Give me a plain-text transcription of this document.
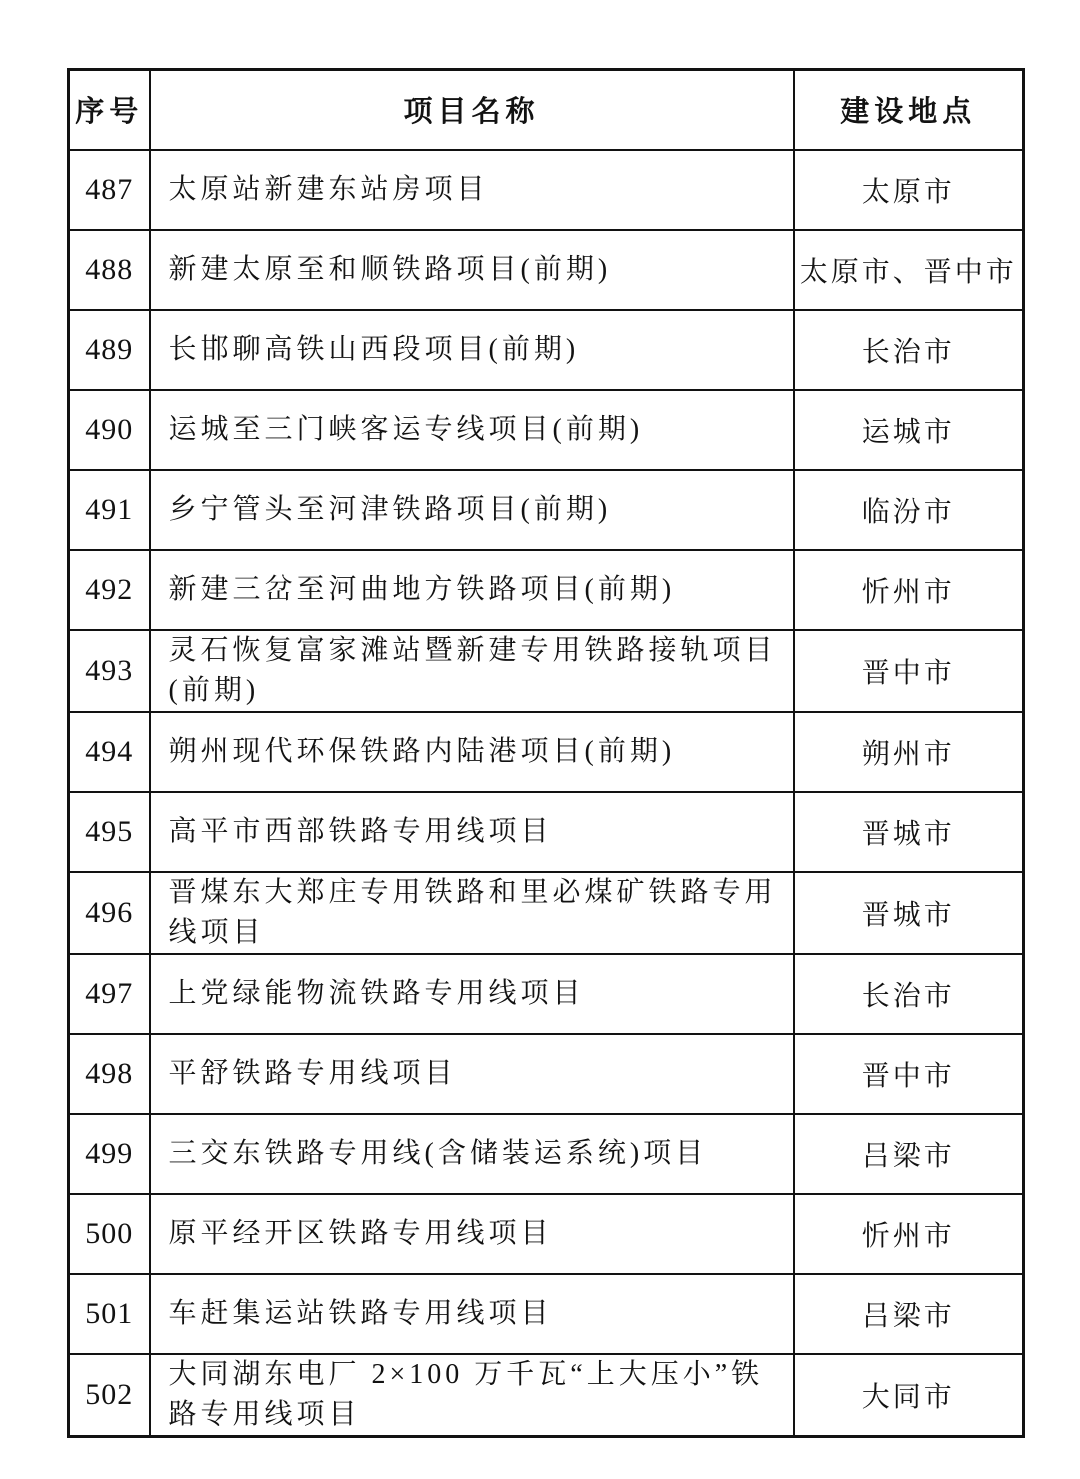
序号	项目名称	建设地点
487	太原站新建东站房项目	太原市
488	新建太原至和顺铁路项目(前期)	太原市、晋中市
489	长邯聊高铁山西段项目(前期)	长治市
490	运城至三门峡客运专线项目(前期)	运城市
491	乡宁管头至河津铁路项目(前期)	临汾市
492	新建三岔至河曲地方铁路项目(前期)	忻州市
493	灵石恢复富家滩站暨新建专用铁路接轨项目(前期)	晋中市
494	朔州现代环保铁路内陆港项目(前期)	朔州市
495	高平市西部铁路专用线项目	晋城市
496	晋煤东大郑庄专用铁路和里必煤矿铁路专用线项目	晋城市
497	上党绿能物流铁路专用线项目	长治市
498	平舒铁路专用线项目	晋中市
499	三交东铁路专用线(含储装运系统)项目	吕梁市
500	原平经开区铁路专用线项目	忻州市
501	车赶集运站铁路专用线项目	吕梁市
502	大同湖东电厂 2×100 万千瓦“上大压小”铁路专用线项目	大同市
